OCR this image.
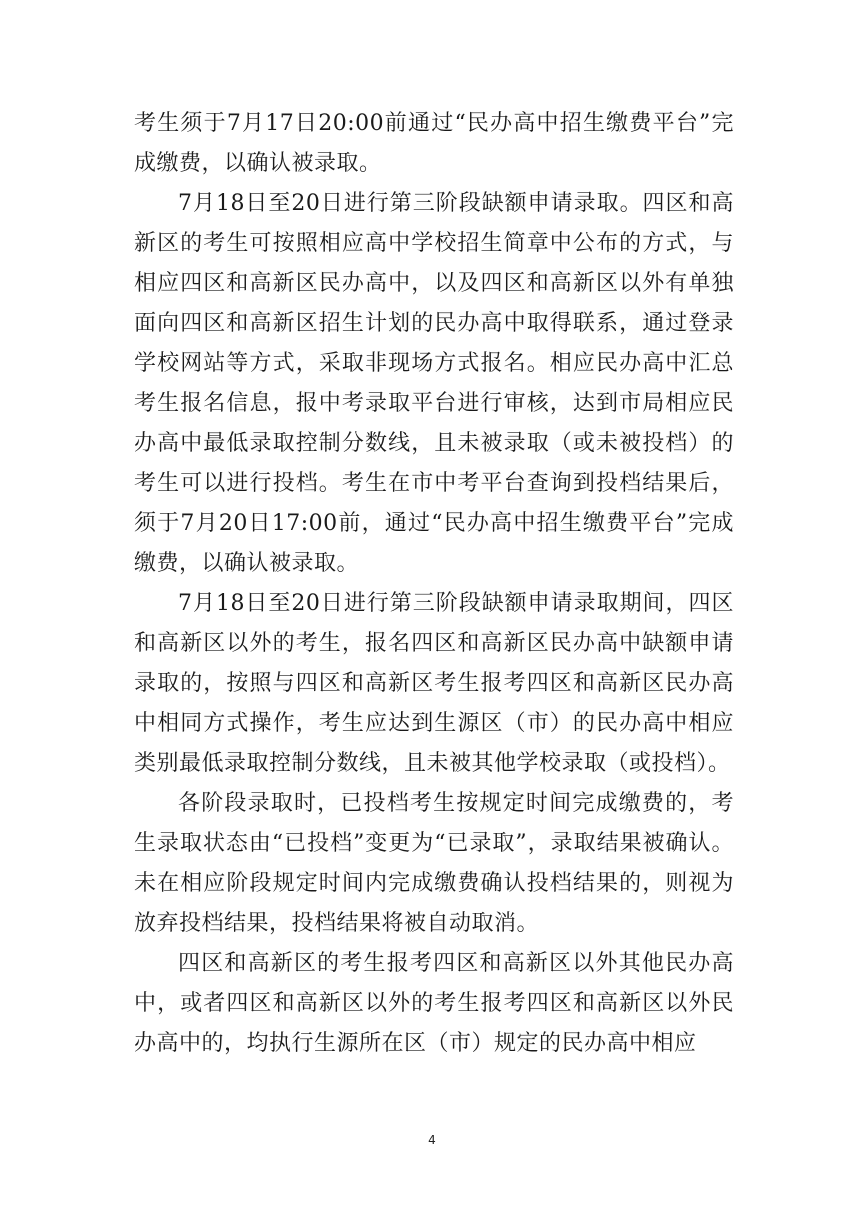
考生须于7月17日20:00前通过“民办高中招生缴费平台”完成缴费，以确认被录取。

7月18日至20日进行第三阶段缺额申请录取。四区和高新区的考生可按照相应高中学校招生简章中公布的方式，与相应四区和高新区民办高中，以及四区和高新区以外有单独面向四区和高新区招生计划的民办高中取得联系，通过登录学校网站等方式，采取非现场方式报名。相应民办高中汇总考生报名信息，报中考录取平台进行审核，达到市局相应民办高中最低录取控制分数线，且未被录取（或未被投档）的考生可以进行投档。考生在市中考平台查询到投档结果后，须于7月20日17:00前，通过“民办高中招生缴费平台”完成缴费，以确认被录取。

7月18日至20日进行第三阶段缺额申请录取期间，四区和高新区以外的考生，报名四区和高新区民办高中缺额申请录取的，按照与四区和高新区考生报考四区和高新区民办高中相同方式操作，考生应达到生源区（市）的民办高中相应类别最低录取控制分数线，且未被其他学校录取（或投档）。

各阶段录取时，已投档考生按规定时间完成缴费的，考生录取状态由“已投档”变更为“已录取”，录取结果被确认。未在相应阶段规定时间内完成缴费确认投档结果的，则视为放弃投档结果，投档结果将被自动取消。

四区和高新区的考生报考四区和高新区以外其他民办高中，或者四区和高新区以外的考生报考四区和高新区以外民办高中的，均执行生源所在区（市）规定的民办高中相应

4
